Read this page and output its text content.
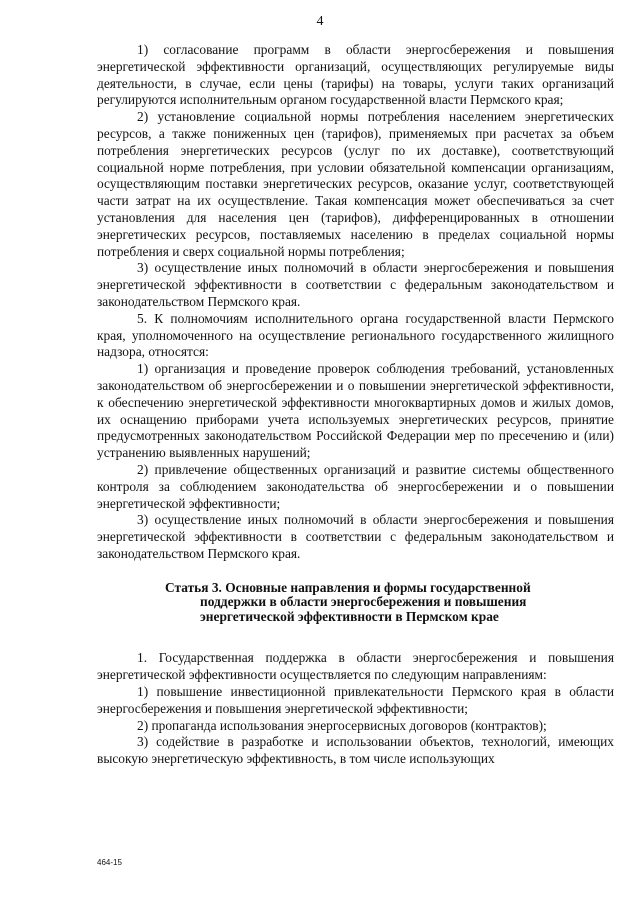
4

1) согласование программ в области энергосбережения и повышения энергетической эффективности организаций, осуществляющих регулируемые виды деятельности, в случае, если цены (тарифы) на товары, услуги таких организаций регулируются исполнительным органом государственной власти Пермского края;

2) установление социальной нормы потребления населением энергетических ресурсов, а также пониженных цен (тарифов), применяемых при расчетах за объем потребления энергетических ресурсов (услуг по их доставке), соответствующий социальной норме потребления, при условии обязательной компенсации организациям, осуществляющим поставки энергетических ресурсов, оказание услуг, соответствующей части затрат на их осуществление. Такая компенсация может обеспечиваться за счет установления для населения цен (тарифов), дифференцированных в отношении энергетических ресурсов, поставляемых населению в пределах социальной нормы потребления и сверх социальной нормы потребления;

3) осуществление иных полномочий в области энергосбережения и повышения энергетической эффективности в соответствии с федеральным законодательством и законодательством Пермского края.

5. К полномочиям исполнительного органа государственной власти Пермского края, уполномоченного на осуществление регионального государственного жилищного надзора, относятся:

1) организация и проведение проверок соблюдения требований, установленных законодательством об энергосбережении и о повышении энергетической эффективности, к обеспечению энергетической эффективности многоквартирных домов и жилых домов, их оснащению приборами учета используемых энергетических ресурсов, принятие предусмотренных законодательством Российской Федерации мер по пресечению и (или) устранению выявленных нарушений;

2) привлечение общественных организаций и развитие системы общественного контроля за соблюдением законодательства об энергосбережении и о повышении энергетической эффективности;

3) осуществление иных полномочий в области энергосбережения и повышения энергетической эффективности в соответствии с федеральным законодательством и законодательством Пермского края.

Статья 3. Основные направления и формы государственной
поддержки в области энергосбережения и повышения энергетической эффективности в Пермском крае

1. Государственная поддержка в области энергосбережения и повышения энергетической эффективности осуществляется по следующим направлениям:

1) повышение инвестиционной привлекательности Пермского края в области энергосбережения и повышения энергетической эффективности;

2) пропаганда использования энергосервисных договоров (контрактов);

3) содействие в разработке и использовании объектов, технологий, имеющих высокую энергетическую эффективность, в том числе использующих

464-15
